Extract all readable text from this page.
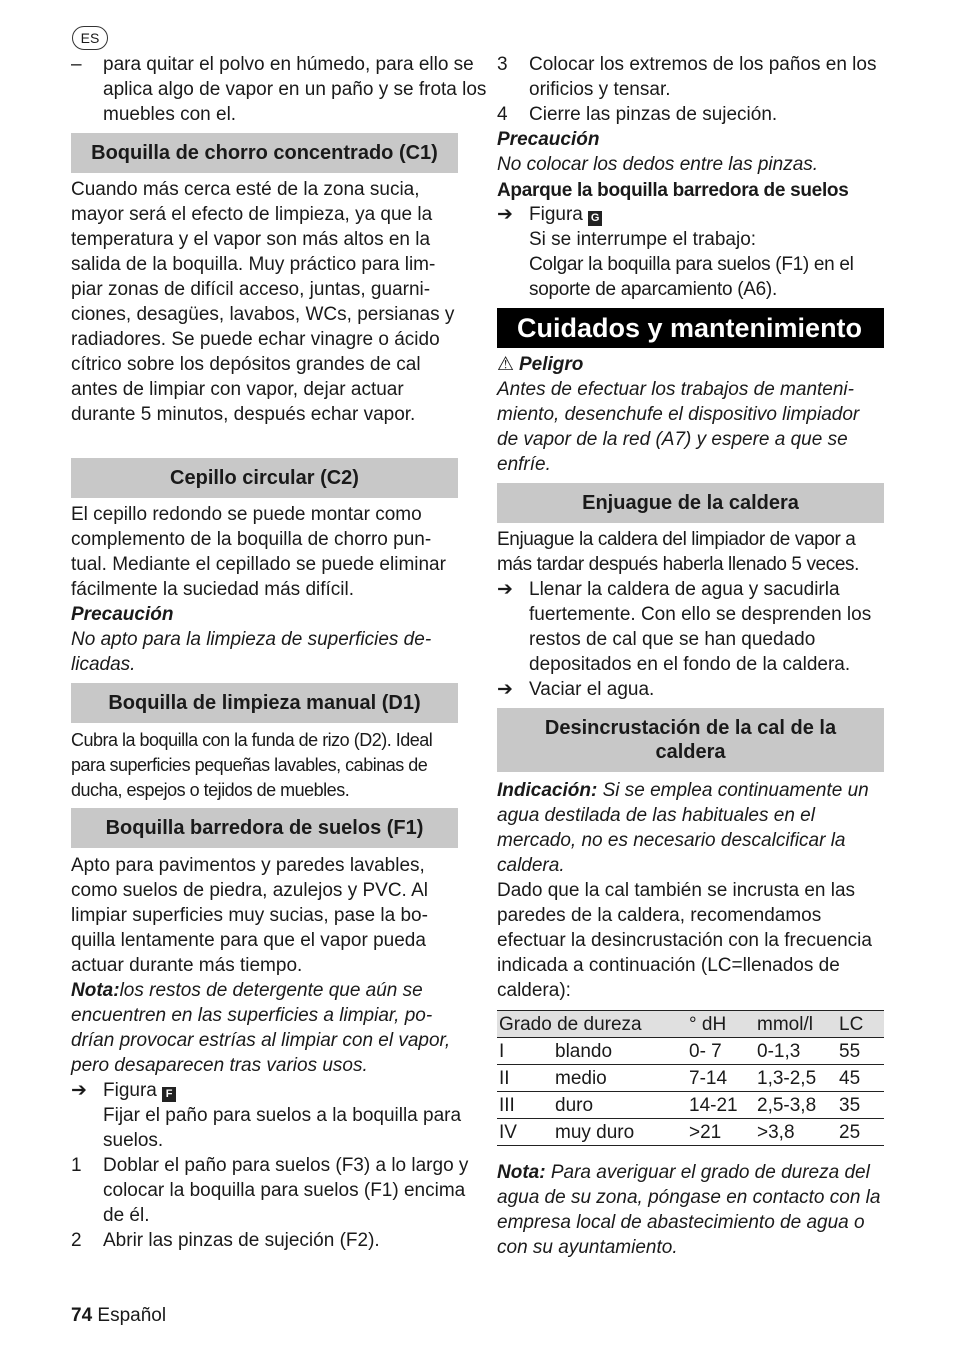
ES
– para quitar el polvo en húmedo, para ello se aplica algo de vapor en un paño y se frota los muebles con el.
Boquilla de chorro concentrado (C1)

Cuando más cerca esté de la zona sucia, mayor será el efecto de limpieza, ya que la temperatura y el vapor son más altos en la salida de la boquilla. Muy práctico para limpiar zonas de difícil acceso, juntas, guarniciones, desagües, lavabos, WCs, persianas y radiadores. Se puede echar vinagre o ácido cítrico sobre los depósitos grandes de cal antes de limpiar con vapor, dejar actuar durante 5 minutos, después echar vapor.

Cepillo circular (C2)

El cepillo redondo se puede montar como complemento de la boquilla de chorro puntual. Mediante el cepillado se puede eliminar fácilmente la suciedad más difícil.

Precaución

No apto para la limpieza de superficies delicadas.

Boquilla de limpieza manual (D1)

Cubra la boquilla con la funda de rizo (D2). Ideal para superficies pequeñas lavables, cabinas de ducha, espejos o tejidos de muebles.

Boquilla barredora de suelos (F1)

Apto para pavimentos y paredes lavables, como suelos de piedra, azulejos y PVC. Al limpiar superficies muy sucias, pase la boquilla lentamente para que el vapor pueda actuar durante más tiempo.

Nota:los restos de detergente que aún se encuentren en las superficies a limpiar, podrían provocar estrías al limpiar con el vapor, pero desaparecen tras varios usos.

➔ Figura F
Fijar el paño para suelos a la boquilla para suelos.
1 Doblar el paño para suelos (F3) a lo largo y colocar la boquilla para suelos (F1) encima de él.
2 Abrir las pinzas de sujeción (F2).
3 Colocar los extremos de los paños en los orificios y tensar.
4 Cierre las pinzas de sujeción.

Precaución

No colocar los dedos entre las pinzas.

Aparque la boquilla barredora de suelos

➔ Figura G
Si se interrumpe el trabajo:
Colgar la boquilla para suelos (F1) en el soporte de aparcamiento (A6).
Cuidados y mantenimiento

⚠ Peligro

Antes de efectuar los trabajos de mantenimiento, desenchufe el dispositivo limpiador de vapor de la red (A7) y espere a que se enfríe.

Enjuague de la caldera

Enjuague la caldera del limpiador de vapor a más tardar después haberla llenado 5 veces.

➔ Llenar la caldera de agua y sacudirla fuertemente. Con ello se desprenden los restos de cal que se han quedado depositados en el fondo de la caldera.
➔ Vaciar el agua.
Desincrustación de la cal de la caldera

Indicación: Si se emplea continuamente un agua destilada de las habituales en el mercado, no es necesario descalcificar la caldera.

Dado que la cal también se incrusta en las paredes de la caldera, recomendamos efectuar la desincrustación con la frecuencia indicada a continuación (LC=llenados de caldera):

Grado de dureza		° dH	mmol/l	LC
I	blando	0- 7	0-1,3	55
II	medio	7-14	1,3-2,5	45
III	duro	14-21	2,5-3,8	35
IV	muy duro	>21	>3,8	25

Nota: Para averiguar el grado de dureza del agua de su zona, póngase en contacto con la empresa local de abastecimiento de agua o con su ayuntamiento.

74 Español
